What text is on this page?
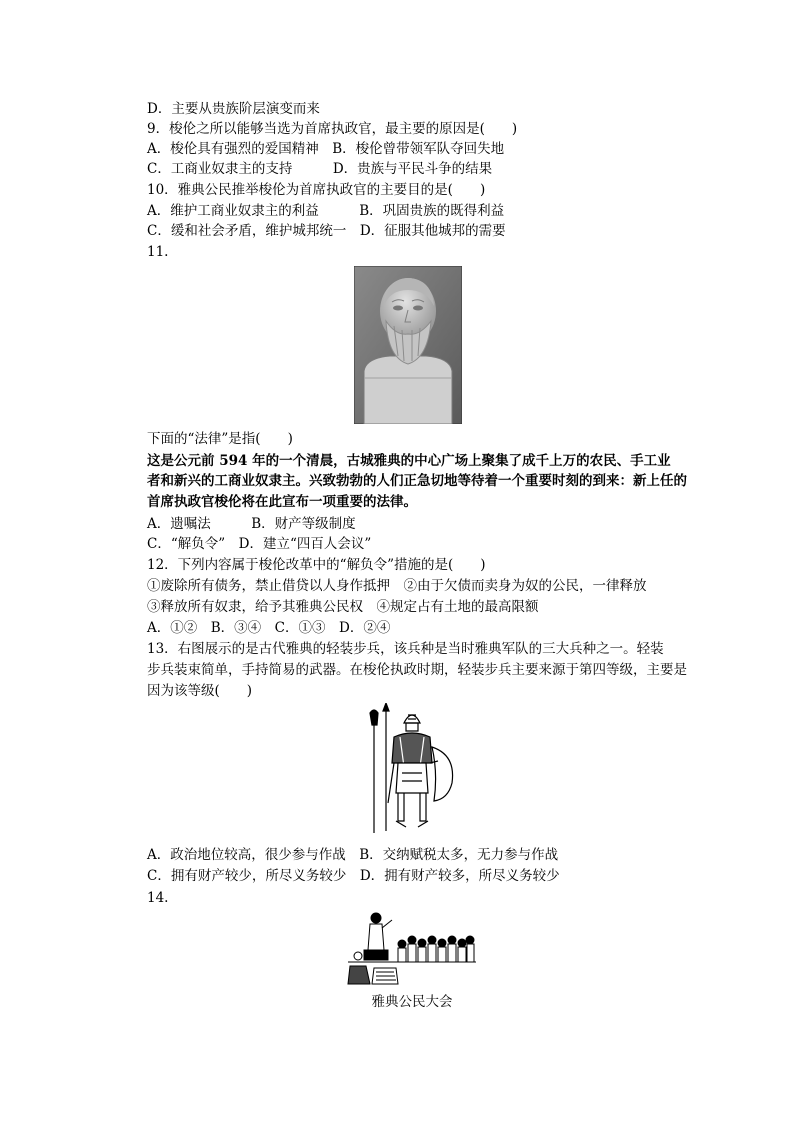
D．主要从贵族阶层演变而来
9．梭伦之所以能够当选为首席执政官，最主要的原因是(　　)
A．梭伦具有强烈的爱国精神　B．梭伦曾带领军队夺回失地
C．工商业奴隶主的支持　　　D．贵族与平民斗争的结果
10．雅典公民推举梭伦为首席执政官的主要目的是(　　)
A．维护工商业奴隶主的利益　　　B．巩固贵族的既得利益
C．缓和社会矛盾，维护城邦统一　D．征服其他城邦的需要
11.
下面的“法律”是指(　　)
这是公元前 594 年的一个清晨，古城雅典的中心广场上聚集了成千上万的农民、手工业
者和新兴的工商业奴隶主。兴致勃勃的人们正急切地等待着一个重要时刻的到来：新上任的
首席执政官梭伦将在此宣布一项重要的法律。
A．遗嘱法　　　B．财产等级制度
C．“解负令”　D．建立“四百人会议”
12．下列内容属于梭伦改革中的“解负令”措施的是(　　)
①废除所有债务，禁止借贷以人身作抵押　②由于欠债而卖身为奴的公民，一律释放
③释放所有奴隶，给予其雅典公民权　④规定占有土地的最高限额
A．①②　B．③④　C．①③　D．②④
13．右图展示的是古代雅典的轻装步兵，该兵种是当时雅典军队的三大兵种之一。轻装
步兵装束简单，手持简易的武器。在梭伦执政时期，轻装步兵主要来源于第四等级，主要是
因为该等级(　　)
A．政治地位较高，很少参与作战　B．交纳赋税太多，无力参与作战
C．拥有财产较少，所尽义务较少　D．拥有财产较多，所尽义务较少
14.
雅典公民大会
